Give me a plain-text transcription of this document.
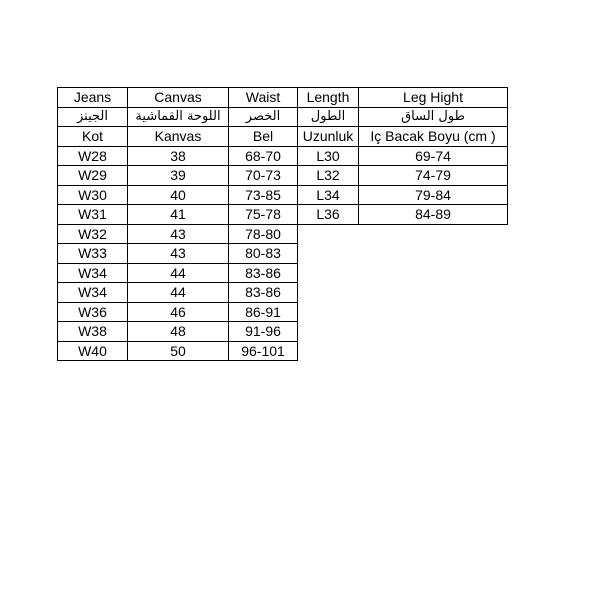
Jeans	Canvas	Waist	Length	Leg Hight
الجينز	اللوحة القماشية	الخصر	الطول	طول الساق
Kot	Kanvas	Bel	Uzunluk	Iç Bacak Boyu (cm )
W28	38	68-70	L30	69-74
W29	39	70-73	L32	74-79
W30	40	73-85	L34	79-84
W31	41	75-78	L36	84-89
W32	43	78-80		
W33	43	80-83		
W34	44	83-86		
W34	44	83-86		
W36	46	86-91		
W38	48	91-96		
W40	50	96-101		
